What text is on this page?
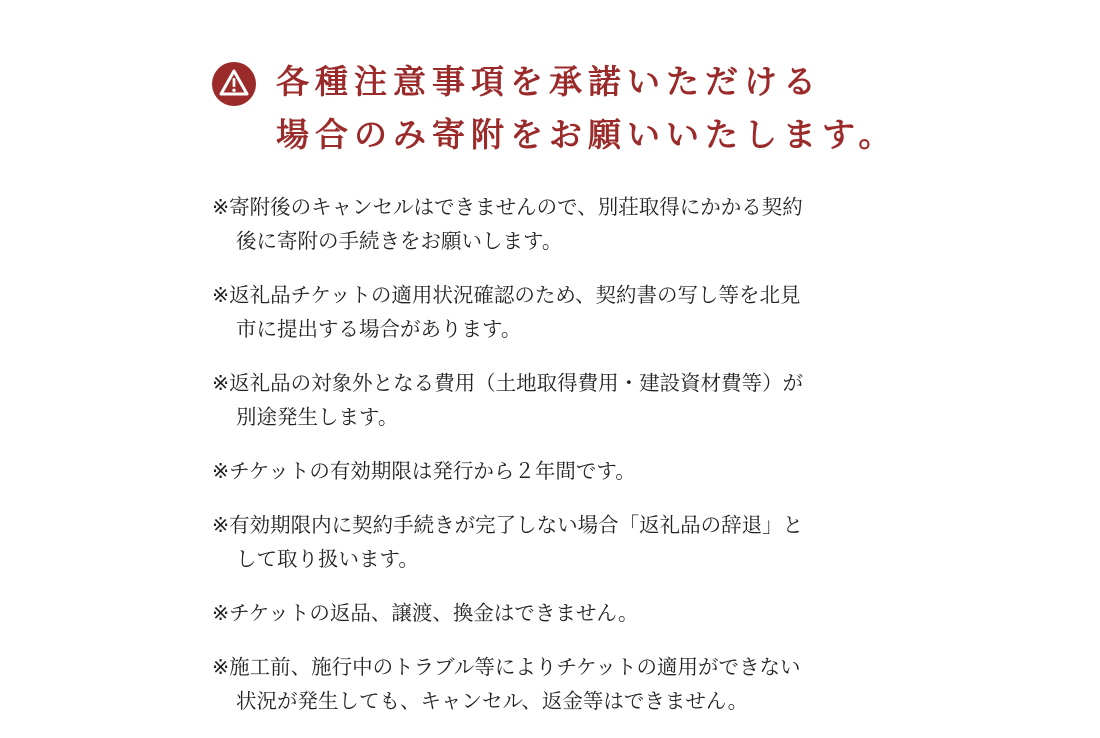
各種注意事項を承諾いただける
場合のみ寄附をお願いいたします。
※寄附後のキャンセルはできませんので、別荘取得にかかる契約
後に寄附の手続きをお願いします。
※返礼品チケットの適用状況確認のため、契約書の写し等を北見
市に提出する場合があります。
※返礼品の対象外となる費用（土地取得費用・建設資材費等）が
別途発生します。
※チケットの有効期限は発行から２年間です。
※有効期限内に契約手続きが完了しない場合「返礼品の辞退」と
して取り扱います。
※チケットの返品、譲渡、換金はできません。
※施工前、施行中のトラブル等によりチケットの適用ができない
状況が発生しても、キャンセル、返金等はできません。
